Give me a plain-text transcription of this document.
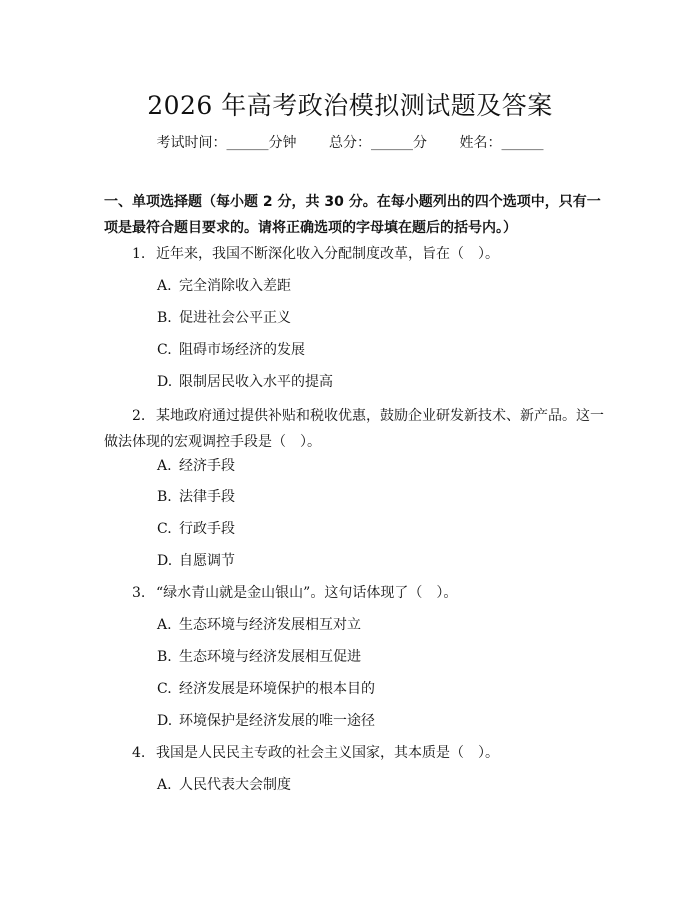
2026 年高考政治模拟测试题及答案
考试时间：______分钟 总分：______分 姓名：______
一、单项选择题（每小题 2 分，共 30 分。在每小题列出的四个选项中，只有一项是最符合题目要求的。请将正确选项的字母填在题后的括号内。）
1. 近年来，我国不断深化收入分配制度改革，旨在（　）。
A. 完全消除收入差距
B. 促进社会公平正义
C. 阻碍市场经济的发展
D. 限制居民收入水平的提高
2. 某地政府通过提供补贴和税收优惠，鼓励企业研发新技术、新产品。这一做法体现的宏观调控手段是（　）。
A. 经济手段
B. 法律手段
C. 行政手段
D. 自愿调节
3. “绿水青山就是金山银山”。这句话体现了（　）。
A. 生态环境与经济发展相互对立
B. 生态环境与经济发展相互促进
C. 经济发展是环境保护的根本目的
D. 环境保护是经济发展的唯一途径
4. 我国是人民民主专政的社会主义国家，其本质是（　）。
A. 人民代表大会制度
